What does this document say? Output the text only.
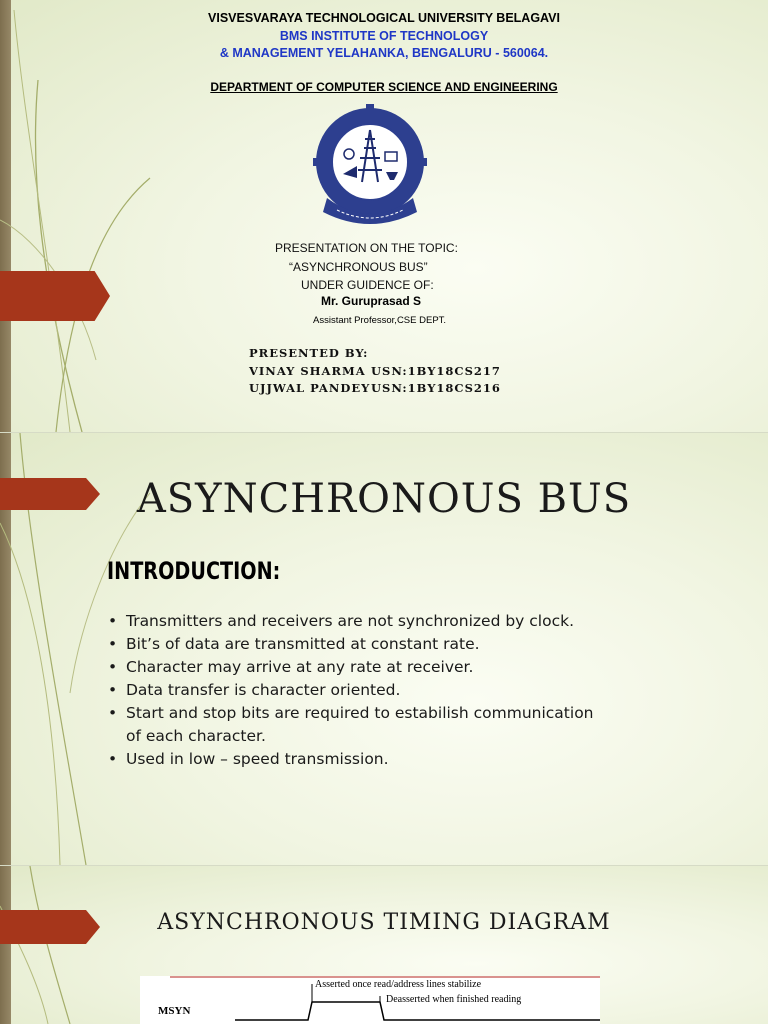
VISVESVARAYA TECHNOLOGICAL UNIVERSITY BELAGAVI
BMS INSTITUTE OF TECHNOLOGY
& MANAGEMENT YELAHANKA, BENGALURU - 560064.
DEPARTMENT OF COMPUTER SCIENCE AND ENGINEERING
PRESENTATION ON THE TOPIC:
“ASYNCHRONOUS BUS”
UNDER GUIDENCE OF:
Mr. Guruprasad S
Assistant Professor,CSE DEPT.
PRESENTED BY:
VINAY SHARMA USN:1BY18CS217
UJJWAL PANDEY USN:1BY18CS216
ASYNCHRONOUS BUS
INTRODUCTION:
• Transmitters and receivers are not synchronized by clock.
• Bit’s of data are transmitted at constant rate.
• Character may arrive at any rate at receiver.
• Data transfer is character oriented.
• Start and stop bits are required to estabilish communication of each character.
• Used in low – speed transmission.
ASYNCHRONOUS TIMING DIAGRAM
Asserted once read/address lines stabilize
Deasserted when finished reading
MSYN
